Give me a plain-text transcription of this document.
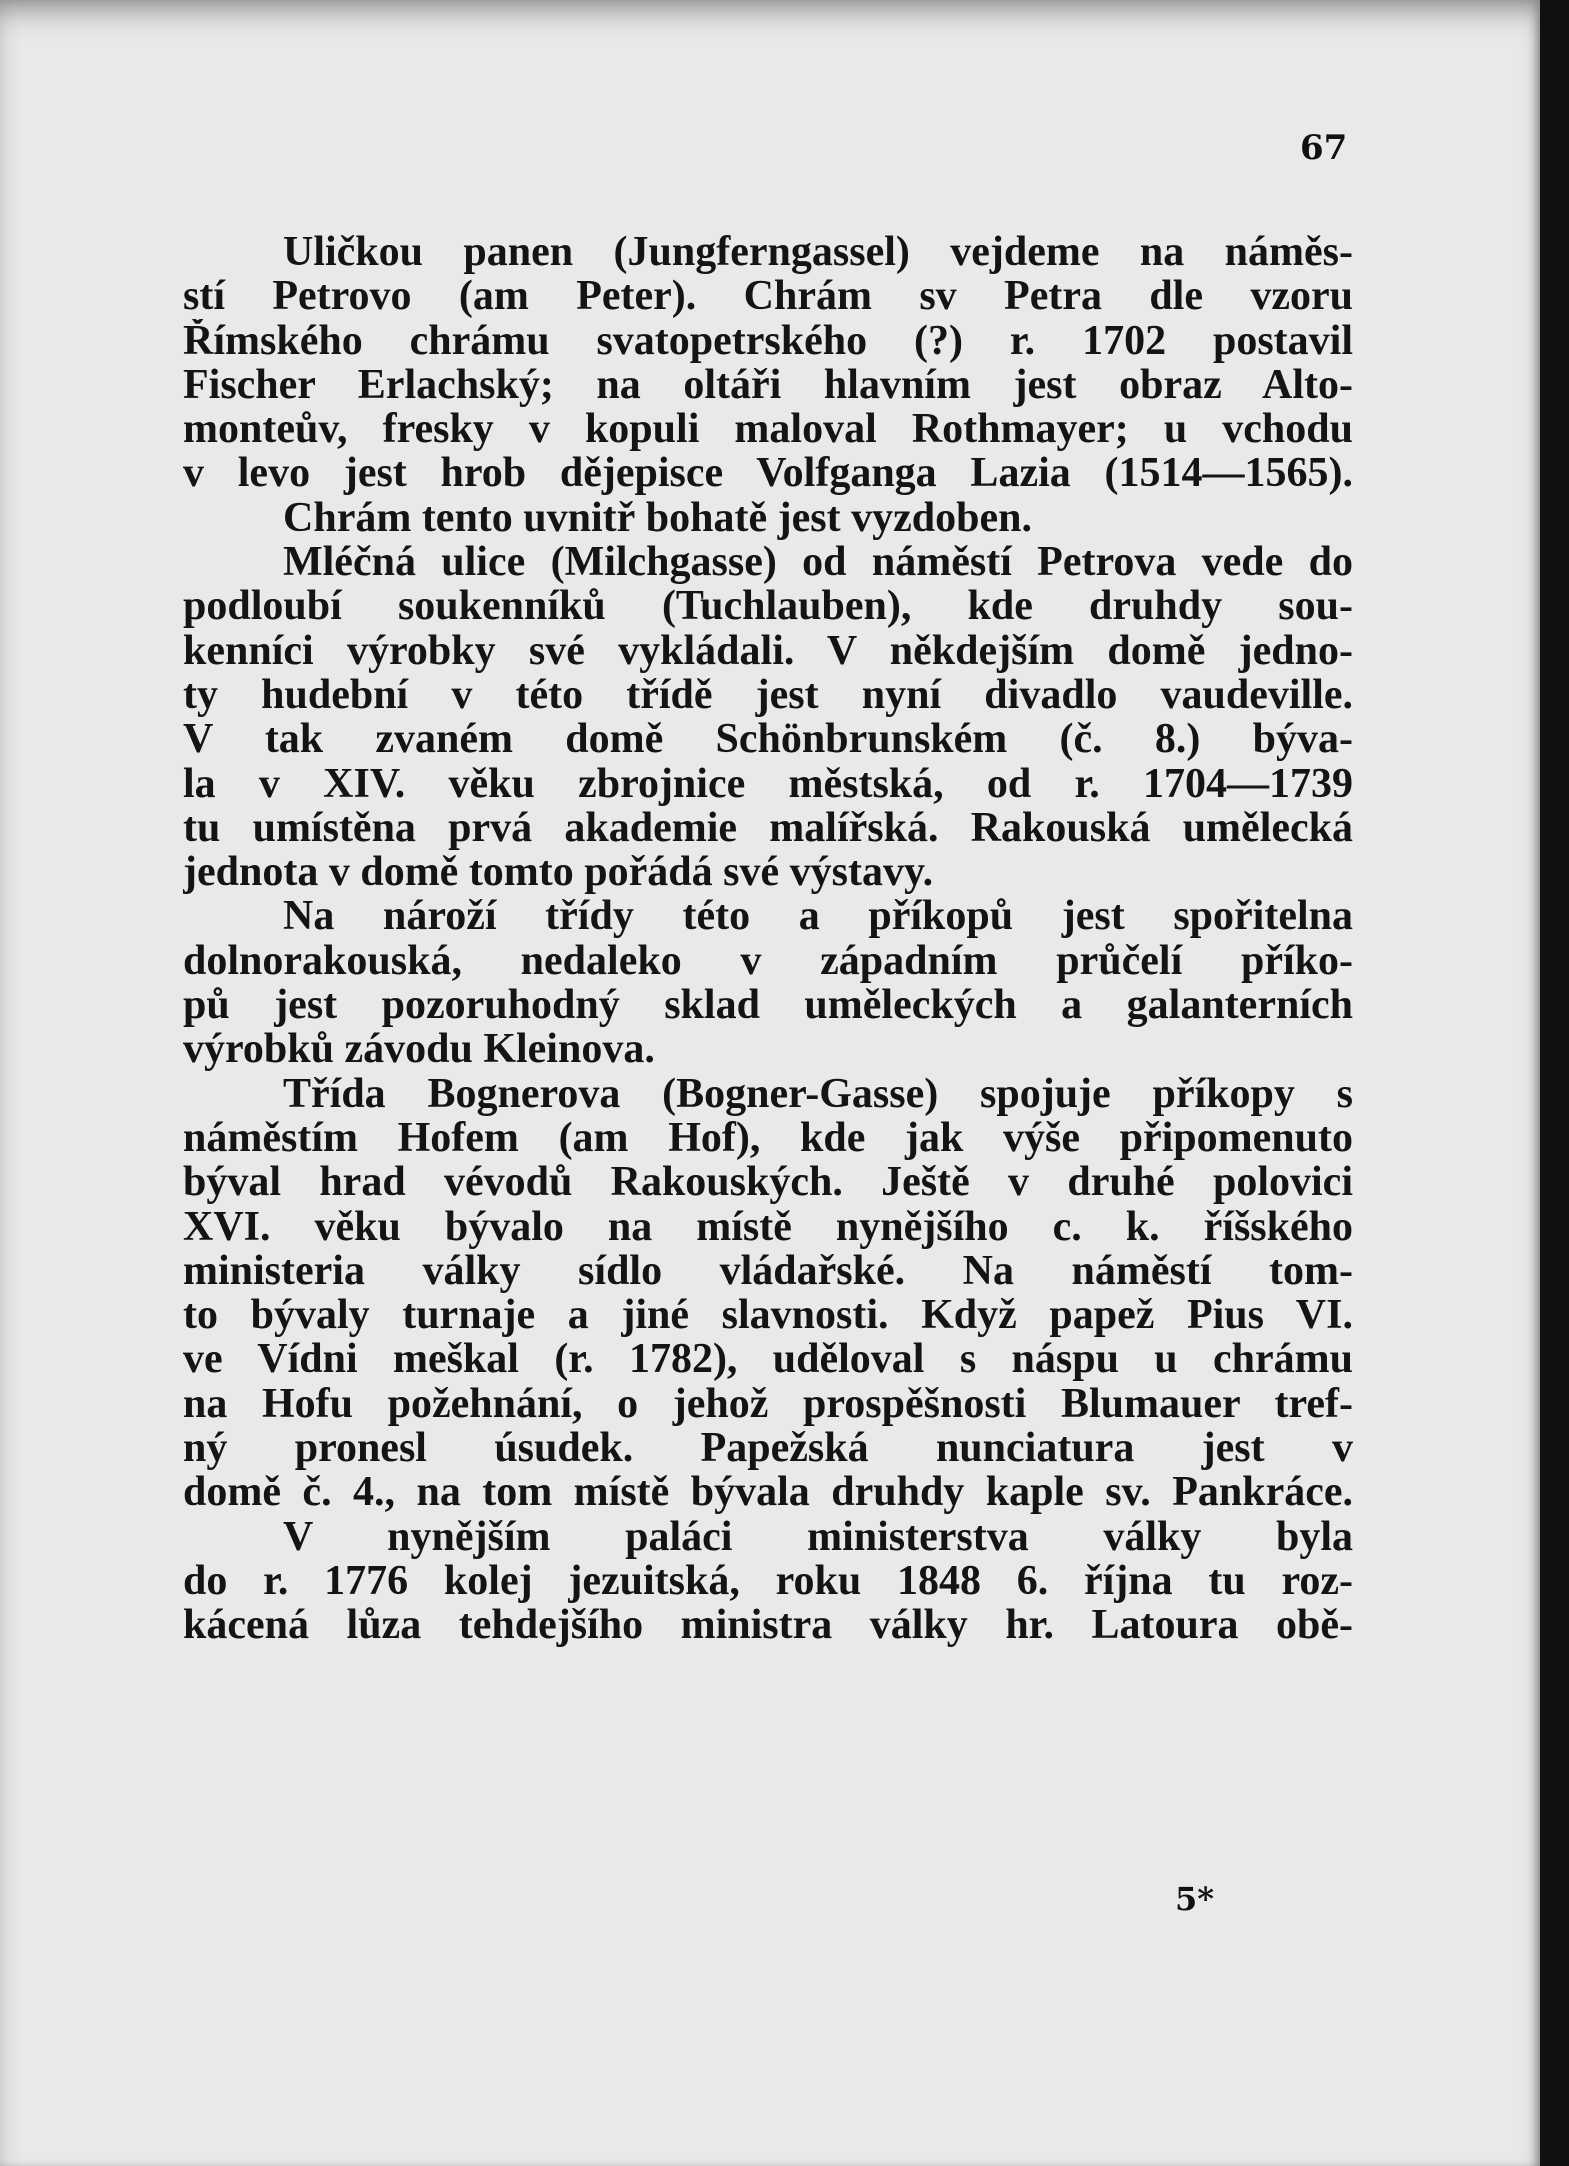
67
Uličkou panen (Jungferngassel) vejdeme na náměs-
stí Petrovo (am Peter). Chrám sv Petra dle vzoru
Římského chrámu svatopetrského (?) r. 1702 postavil
Fischer Erlachský; na oltáři hlavním jest obraz Alto-
monteův, fresky v kopuli maloval Rothmayer; u vchodu
v levo jest hrob dějepisce Volfganga Lazia (1514—1565).
Chrám tento uvnitř bohatě jest vyzdoben.
Mléčná ulice (Milchgasse) od náměstí Petrova vede do
podloubí soukenníků (Tuchlauben), kde druhdy sou-
kenníci výrobky své vykládali. V někdejším domě jedno-
ty hudební v této třídě jest nyní divadlo vaudeville.
V tak zvaném domě Schönbrunském (č. 8.) býva-
la v XIV. věku zbrojnice městská, od r. 1704—1739
tu umístěna prvá akademie malířská. Rakouská umělecká
jednota v domě tomto pořádá své výstavy.
Na nároží třídy této a příkopů jest spořitelna
dolnorakouská, nedaleko v západním průčelí příko-
pů jest pozoruhodný sklad uměleckých a galanterních
výrobků závodu Kleinova.
Třída Bognerova (Bogner-Gasse) spojuje příkopy s
náměstím Hofem (am Hof), kde jak výše připomenuto
býval hrad vévodů Rakouských. Ještě v druhé polovici
XVI. věku bývalo na místě nynějšího c. k. říšského
ministeria války sídlo vládařské. Na náměstí tom-
to bývaly turnaje a jiné slavnosti. Když papež Pius VI.
ve Vídni meškal (r. 1782), uděloval s náspu u chrámu
na Hofu požehnání, o jehož prospěšnosti Blumauer tref-
ný pronesl úsudek. Papežská nunciatura jest v
domě č. 4., na tom místě bývala druhdy kaple sv. Pankráce.
V nynějším paláci ministerstva války byla
do r. 1776 kolej jezuitská, roku 1848 6. října tu roz-
kácená lůza tehdejšího ministra války hr. Latoura obě-
5*
